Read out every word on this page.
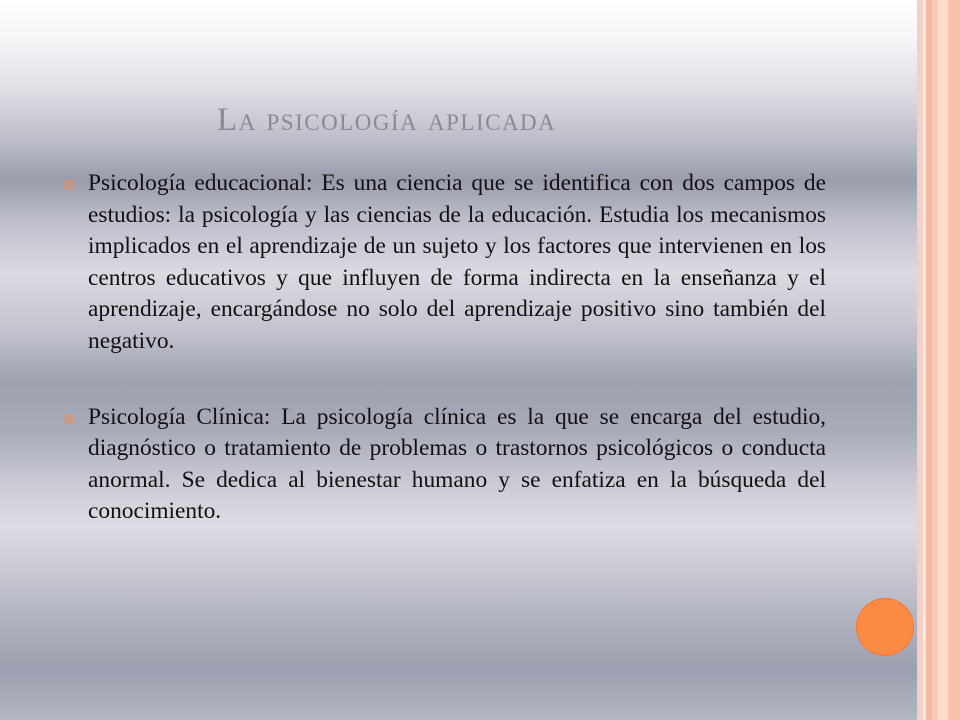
La psicología aplicada
Psicología educacional: Es una ciencia que se identifica con dos campos de estudios: la psicología y las ciencias de la educación. Estudia los mecanismos implicados en el aprendizaje de un sujeto y los factores que intervienen en los centros educativos y que influyen de forma indirecta en la enseñanza y el aprendizaje, encargándose no solo del aprendizaje positivo sino también del negativo.
Psicología Clínica: La psicología clínica es la que se encarga del estudio, diagnóstico o tratamiento de problemas o trastornos psicológicos o conducta anormal. Se dedica al bienestar humano y se enfatiza en la búsqueda del conocimiento.
